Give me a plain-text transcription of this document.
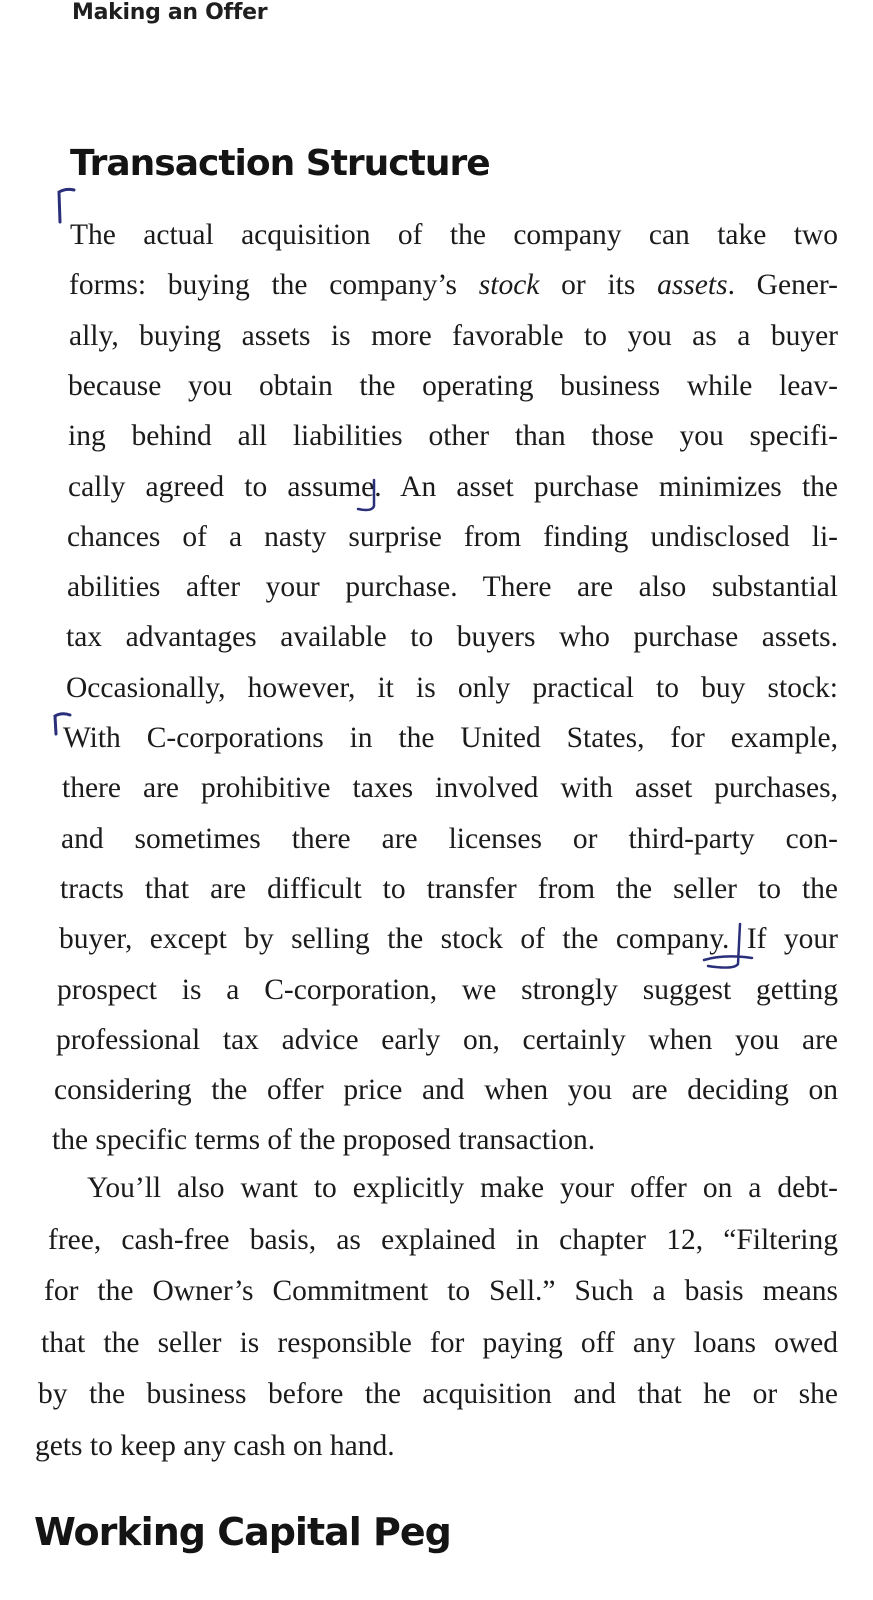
Making an Offer
Transaction Structure
The actual acquisition of the company can take two
forms: buying the company’s stock or its assets. Gener-
ally, buying assets is more favorable to you as a buyer
because you obtain the operating business while leav-
ing behind all liabilities other than those you specifi-
cally agreed to assume. An asset purchase minimizes the
chances of a nasty surprise from finding undisclosed li-
abilities after your purchase. There are also substantial
tax advantages available to buyers who purchase assets.
Occasionally, however, it is only practical to buy stock:
With C-corporations in the United States, for example,
there are prohibitive taxes involved with asset purchases,
and sometimes there are licenses or third-party con-
tracts that are difficult to transfer from the seller to the
buyer, except by selling the stock of the company. If your
prospect is a C-corporation, we strongly suggest getting
professional tax advice early on, certainly when you are
considering the offer price and when you are deciding on
the specific terms of the proposed transaction.
You’ll also want to explicitly make your offer on a debt-
free, cash-free basis, as explained in chapter 12, “Filtering
for the Owner’s Commitment to Sell.” Such a basis means
that the seller is responsible for paying off any loans owed
by the business before the acquisition and that he or she
gets to keep any cash on hand.
Working Capital Peg
